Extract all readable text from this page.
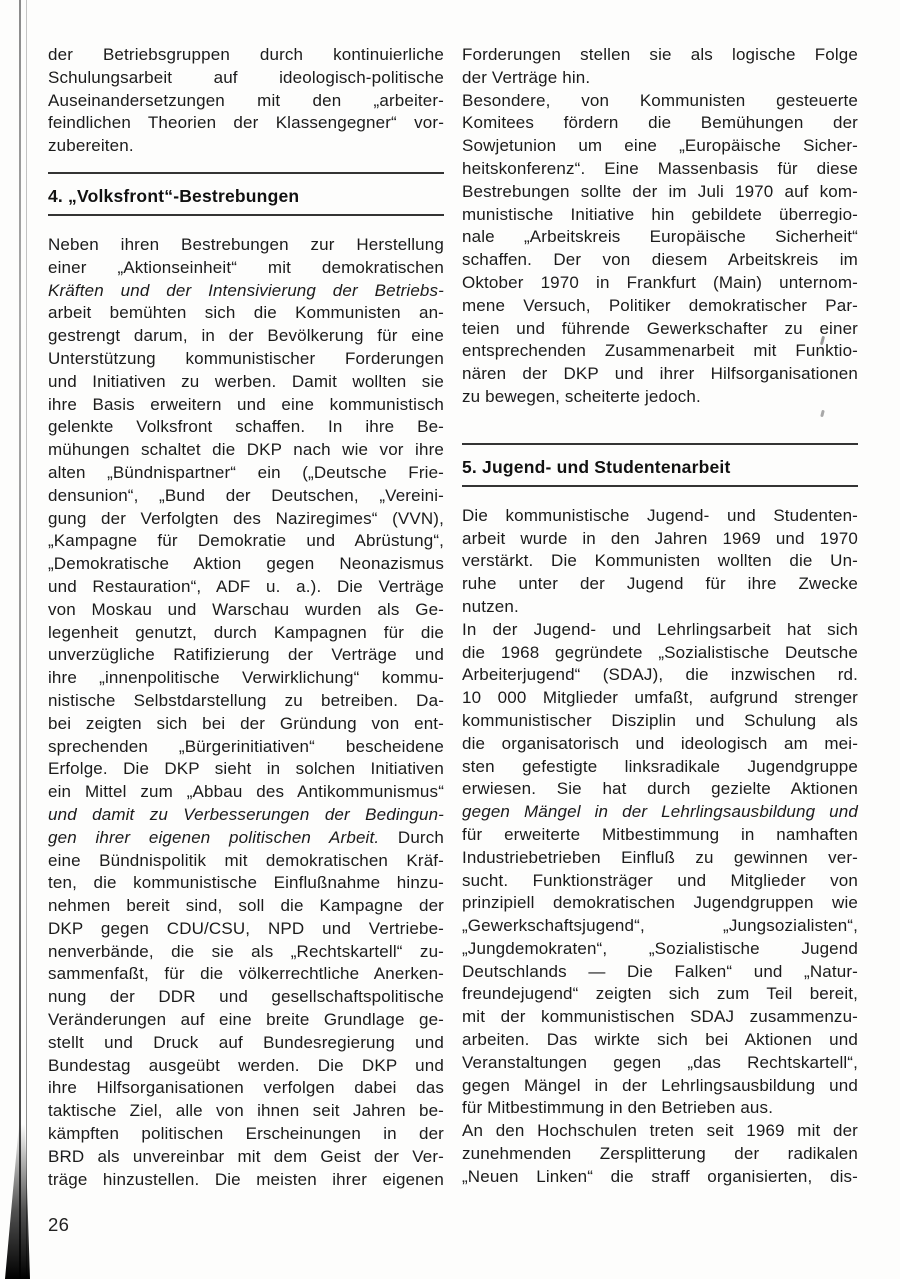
der Betriebsgruppen durch kontinuierliche
Schulungsarbeit auf ideologisch-politische
Auseinandersetzungen mit den „arbeiter-
feindlichen Theorien der Klassengegner“ vor-
zubereiten.
4. „Volksfront“-Bestrebungen
Neben ihren Bestrebungen zur Herstellung
einer „Aktionseinheit“ mit demokratischen
Kräften und der Intensivierung der Betriebs-
arbeit bemühten sich die Kommunisten an-
gestrengt darum, in der Bevölkerung für eine
Unterstützung kommunistischer Forderungen
und Initiativen zu werben. Damit wollten sie
ihre Basis erweitern und eine kommunistisch
gelenkte Volksfront schaffen. In ihre Be-
mühungen schaltet die DKP nach wie vor ihre
alten „Bündnispartner“ ein („Deutsche Frie-
densunion“, „Bund der Deutschen, „Vereini-
gung der Verfolgten des Naziregimes“ (VVN),
„Kampagne für Demokratie und Abrüstung“,
„Demokratische Aktion gegen Neonazismus
und Restauration“, ADF u. a.). Die Verträge
von Moskau und Warschau wurden als Ge-
legenheit genutzt, durch Kampagnen für die
unverzügliche Ratifizierung der Verträge und
ihre „innenpolitische Verwirklichung“ kommu-
nistische Selbstdarstellung zu betreiben. Da-
bei zeigten sich bei der Gründung von ent-
sprechenden „Bürgerinitiativen“ bescheidene
Erfolge. Die DKP sieht in solchen Initiativen
ein Mittel zum „Abbau des Antikommunismus“
und damit zu Verbesserungen der Bedingun-
gen ihrer eigenen politischen Arbeit. Durch
eine Bündnispolitik mit demokratischen Kräf-
ten, die kommunistische Einflußnahme hinzu-
nehmen bereit sind, soll die Kampagne der
DKP gegen CDU/CSU, NPD und Vertriebe-
nenverbände, die sie als „Rechtskartell“ zu-
sammenfaßt, für die völkerrechtliche Anerken-
nung der DDR und gesellschaftspolitische
Veränderungen auf eine breite Grundlage ge-
stellt und Druck auf Bundesregierung und
Bundestag ausgeübt werden. Die DKP und
ihre Hilfsorganisationen verfolgen dabei das
taktische Ziel, alle von ihnen seit Jahren be-
kämpften politischen Erscheinungen in der
BRD als unvereinbar mit dem Geist der Ver-
träge hinzustellen. Die meisten ihrer eigenen
Forderungen stellen sie als logische Folge
der Verträge hin.
Besondere, von Kommunisten gesteuerte
Komitees fördern die Bemühungen der
Sowjetunion um eine „Europäische Sicher-
heitskonferenz“. Eine Massenbasis für diese
Bestrebungen sollte der im Juli 1970 auf kom-
munistische Initiative hin gebildete überregio-
nale „Arbeitskreis Europäische Sicherheit“
schaffen. Der von diesem Arbeitskreis im
Oktober 1970 in Frankfurt (Main) unternom-
mene Versuch, Politiker demokratischer Par-
teien und führende Gewerkschafter zu einer
entsprechenden Zusammenarbeit mit Funktio-
nären der DKP und ihrer Hilfsorganisationen
zu bewegen, scheiterte jedoch.
5. Jugend- und Studentenarbeit
Die kommunistische Jugend- und Studenten-
arbeit wurde in den Jahren 1969 und 1970
verstärkt. Die Kommunisten wollten die Un-
ruhe unter der Jugend für ihre Zwecke
nutzen.
In der Jugend- und Lehrlingsarbeit hat sich
die 1968 gegründete „Sozialistische Deutsche
Arbeiterjugend“ (SDAJ), die inzwischen rd.
10 000 Mitglieder umfaßt, aufgrund strenger
kommunistischer Disziplin und Schulung als
die organisatorisch und ideologisch am mei-
sten gefestigte linksradikale Jugendgruppe
erwiesen. Sie hat durch gezielte Aktionen
gegen Mängel in der Lehrlingsausbildung und
für erweiterte Mitbestimmung in namhaften
Industriebetrieben Einfluß zu gewinnen ver-
sucht. Funktionsträger und Mitglieder von
prinzipiell demokratischen Jugendgruppen wie
„Gewerkschaftsjugend“, „Jungsozialisten“,
„Jungdemokraten“, „Sozialistische Jugend
Deutschlands — Die Falken“ und „Natur-
freundejugend“ zeigten sich zum Teil bereit,
mit der kommunistischen SDAJ zusammenzu-
arbeiten. Das wirkte sich bei Aktionen und
Veranstaltungen gegen „das Rechtskartell“,
gegen Mängel in der Lehrlingsausbildung und
für Mitbestimmung in den Betrieben aus.
An den Hochschulen treten seit 1969 mit der
zunehmenden Zersplitterung der radikalen
„Neuen Linken“ die straff organisierten, dis-
26
